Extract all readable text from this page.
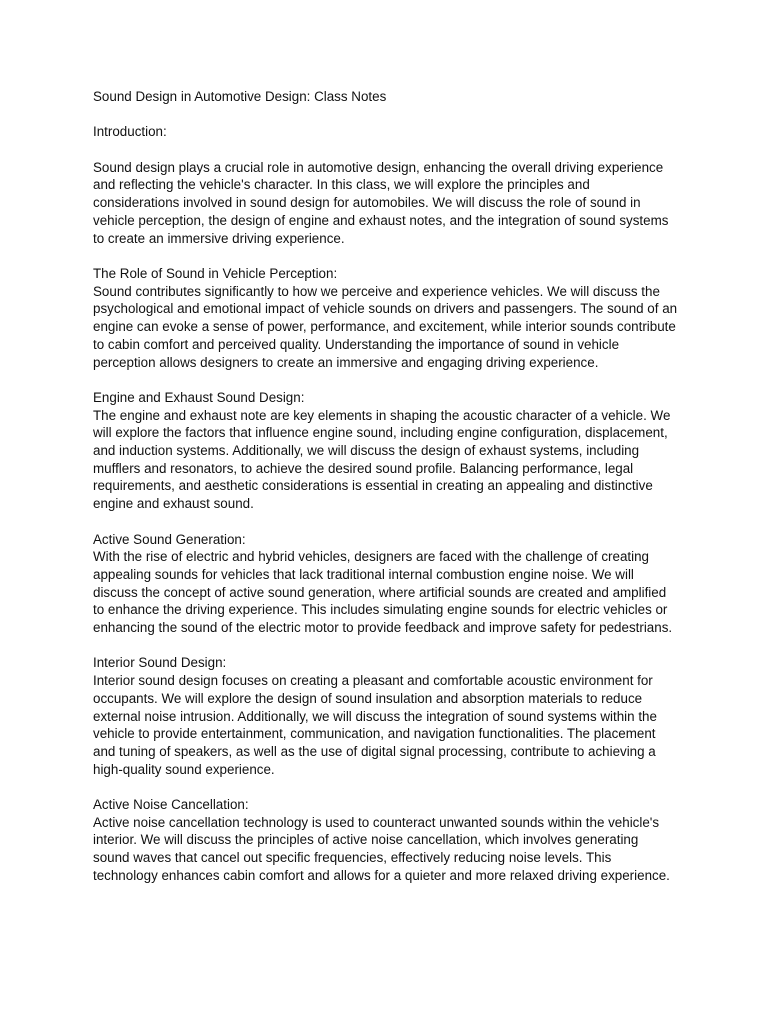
Sound Design in Automotive Design: Class Notes
Introduction:
Sound design plays a crucial role in automotive design, enhancing the overall driving experience and reflecting the vehicle's character. In this class, we will explore the principles and considerations involved in sound design for automobiles. We will discuss the role of sound in vehicle perception, the design of engine and exhaust notes, and the integration of sound systems to create an immersive driving experience.
The Role of Sound in Vehicle Perception:
Sound contributes significantly to how we perceive and experience vehicles. We will discuss the psychological and emotional impact of vehicle sounds on drivers and passengers. The sound of an engine can evoke a sense of power, performance, and excitement, while interior sounds contribute to cabin comfort and perceived quality. Understanding the importance of sound in vehicle perception allows designers to create an immersive and engaging driving experience.
Engine and Exhaust Sound Design:
The engine and exhaust note are key elements in shaping the acoustic character of a vehicle. We will explore the factors that influence engine sound, including engine configuration, displacement, and induction systems. Additionally, we will discuss the design of exhaust systems, including mufflers and resonators, to achieve the desired sound profile. Balancing performance, legal requirements, and aesthetic considerations is essential in creating an appealing and distinctive engine and exhaust sound.
Active Sound Generation:
With the rise of electric and hybrid vehicles, designers are faced with the challenge of creating appealing sounds for vehicles that lack traditional internal combustion engine noise. We will discuss the concept of active sound generation, where artificial sounds are created and amplified to enhance the driving experience. This includes simulating engine sounds for electric vehicles or enhancing the sound of the electric motor to provide feedback and improve safety for pedestrians.
Interior Sound Design:
Interior sound design focuses on creating a pleasant and comfortable acoustic environment for occupants. We will explore the design of sound insulation and absorption materials to reduce external noise intrusion. Additionally, we will discuss the integration of sound systems within the vehicle to provide entertainment, communication, and navigation functionalities. The placement and tuning of speakers, as well as the use of digital signal processing, contribute to achieving a high-quality sound experience.
Active Noise Cancellation:
Active noise cancellation technology is used to counteract unwanted sounds within the vehicle's interior. We will discuss the principles of active noise cancellation, which involves generating sound waves that cancel out specific frequencies, effectively reducing noise levels. This technology enhances cabin comfort and allows for a quieter and more relaxed driving experience.
